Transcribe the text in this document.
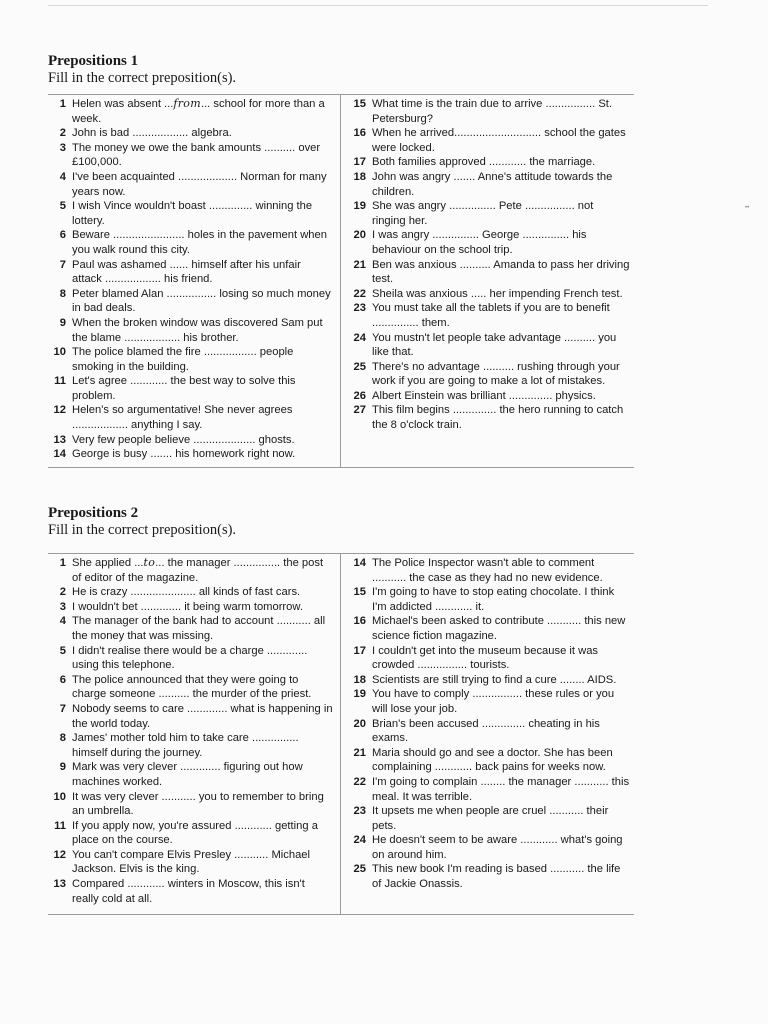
Prepositions 1
Fill in the correct preposition(s).
1 Helen was absent ...from... school for more than a week.
2 John is bad .................. algebra.
3 The money we owe the bank amounts .......... over £100,000.
4 I've been acquainted ................... Norman for many years now.
5 I wish Vince wouldn't boast .............. winning the lottery.
6 Beware ....................... holes in the pavement when you walk round this city.
7 Paul was ashamed ...... himself after his unfair attack .................. his friend.
8 Peter blamed Alan ................ losing so much money in bad deals.
9 When the broken window was discovered Sam put the blame .................. his brother.
10 The police blamed the fire ................. people smoking in the building.
11 Let's agree ............ the best way to solve this problem.
12 Helen's so argumentative! She never agrees .................. anything I say.
13 Very few people believe .................... ghosts.
14 George is busy ....... his homework right now.
15 What time is the train due to arrive ................ St. Petersburg?
16 When he arrived............................ school the gates were locked.
17 Both families approved ............ the marriage.
18 John was angry ....... Anne's attitude towards the children.
19 She was angry ............... Pete ................ not ringing her.
20 I was angry ............... George ............... his behaviour on the school trip.
21 Ben was anxious .......... Amanda to pass her driving test.
22 Sheila was anxious ..... her impending French test.
23 You must take all the tablets if you are to benefit ............... them.
24 You mustn't let people take advantage .......... you like that.
25 There's no advantage .......... rushing through your work if you are going to make a lot of mistakes.
26 Albert Einstein was brilliant .............. physics.
27 This film begins .............. the hero running to catch the 8 o'clock train.
Prepositions 2
Fill in the correct preposition(s).
1 She applied ...to... the manager ............... the post of editor of the magazine.
2 He is crazy ..................... all kinds of fast cars.
3 I wouldn't bet ............. it being warm tomorrow.
4 The manager of the bank had to account ........... all the money that was missing.
5 I didn't realise there would be a charge ............. using this telephone.
6 The police announced that they were going to charge someone .......... the murder of the priest.
7 Nobody seems to care ............. what is happening in the world today.
8 James' mother told him to take care ............... himself during the journey.
9 Mark was very clever ............. figuring out how machines worked.
10 It was very clever ........... you to remember to bring an umbrella.
11 If you apply now, you're assured ............ getting a place on the course.
12 You can't compare Elvis Presley ........... Michael Jackson. Elvis is the king.
13 Compared ............ winters in Moscow, this isn't really cold at all.
14 The Police Inspector wasn't able to comment ........... the case as they had no new evidence.
15 I'm going to have to stop eating chocolate. I think I'm addicted ............ it.
16 Michael's been asked to contribute ........... this new science fiction magazine.
17 I couldn't get into the museum because it was crowded ................ tourists.
18 Scientists are still trying to find a cure ........ AIDS.
19 You have to comply ................ these rules or you will lose your job.
20 Brian's been accused .............. cheating in his exams.
21 Maria should go and see a doctor. She has been complaining ............ back pains for weeks now.
22 I'm going to complain ........ the manager ........... this meal. It was terrible.
23 It upsets me when people are cruel ........... their pets.
24 He doesn't seem to be aware ............ what's going on around him.
25 This new book I'm reading is based ........... the life of Jackie Onassis.
••
